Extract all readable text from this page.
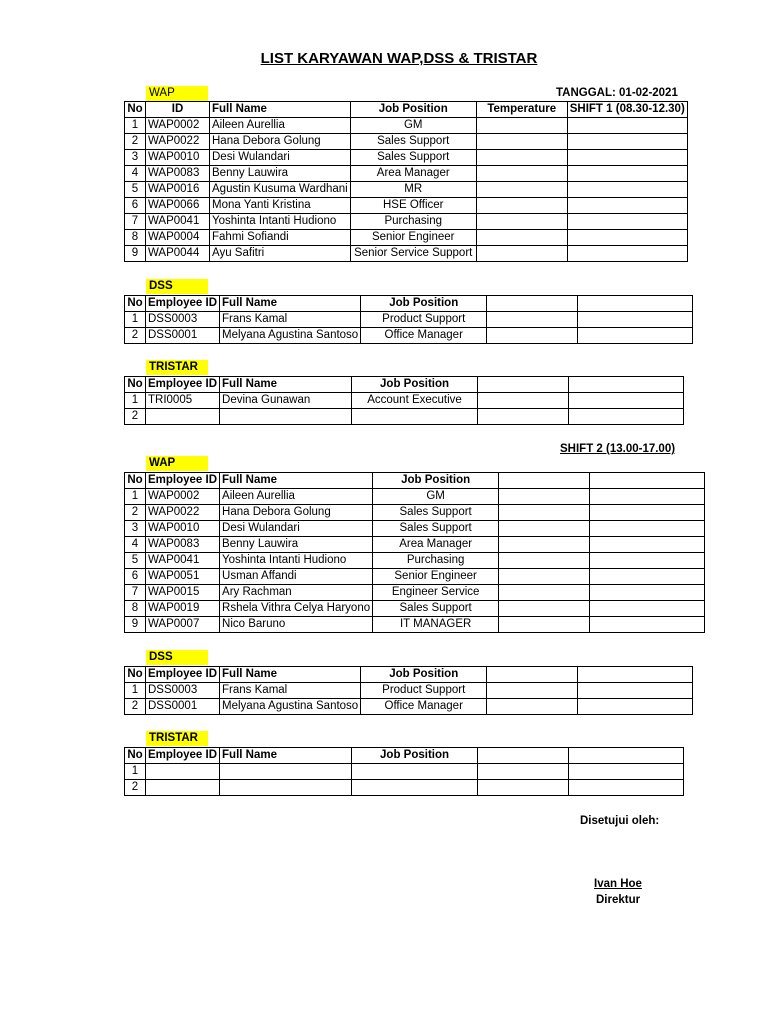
LIST KARYAWAN WAP,DSS & TRISTAR
TANGGAL: 01-02-2021
WAP
No	ID	Full Name	Job Position	Temperature	SHIFT 1 (08.30-12.30)
1	WAP0002	Aileen Aurellia	GM		
2	WAP0022	Hana Debora Golung	Sales Support		
3	WAP0010	Desi Wulandari	Sales Support		
4	WAP0083	Benny Lauwira	Area Manager		
5	WAP0016	Agustin Kusuma Wardhani	MR		
6	WAP0066	Mona Yanti Kristina	HSE Officer		
7	WAP0041	Yoshinta Intanti Hudiono	Purchasing		
8	WAP0004	Fahmi Sofiandi	Senior Engineer		
9	WAP0044	Ayu Safitri	Senior Service Support		
DSS
No	Employee ID	Full Name	Job Position		
1	DSS0003	Frans Kamal	Product Support		
2	DSS0001	Melyana Agustina Santoso	Office Manager		
TRISTAR
No	Employee ID	Full Name	Job Position		
1	TRI0005	Devina Gunawan	Account Executive		
2					
SHIFT 2 (13.00-17.00)
WAP
No	Employee ID	Full Name	Job Position		
1	WAP0002	Aileen Aurellia	GM		
2	WAP0022	Hana Debora Golung	Sales Support		
3	WAP0010	Desi Wulandari	Sales Support		
4	WAP0083	Benny Lauwira	Area Manager		
5	WAP0041	Yoshinta Intanti Hudiono	Purchasing		
6	WAP0051	Usman Affandi	Senior Engineer		
7	WAP0015	Ary Rachman	Engineer Service		
8	WAP0019	Rshela Vithra Celya Haryono	Sales Support		
9	WAP0007	Nico Baruno	IT MANAGER		
DSS
No	Employee ID	Full Name	Job Position		
1	DSS0003	Frans Kamal	Product Support		
2	DSS0001	Melyana Agustina Santoso	Office Manager		
TRISTAR
No	Employee ID	Full Name	Job Position		
1					
2					
Disetujui oleh:
Ivan Hoe
Direktur
